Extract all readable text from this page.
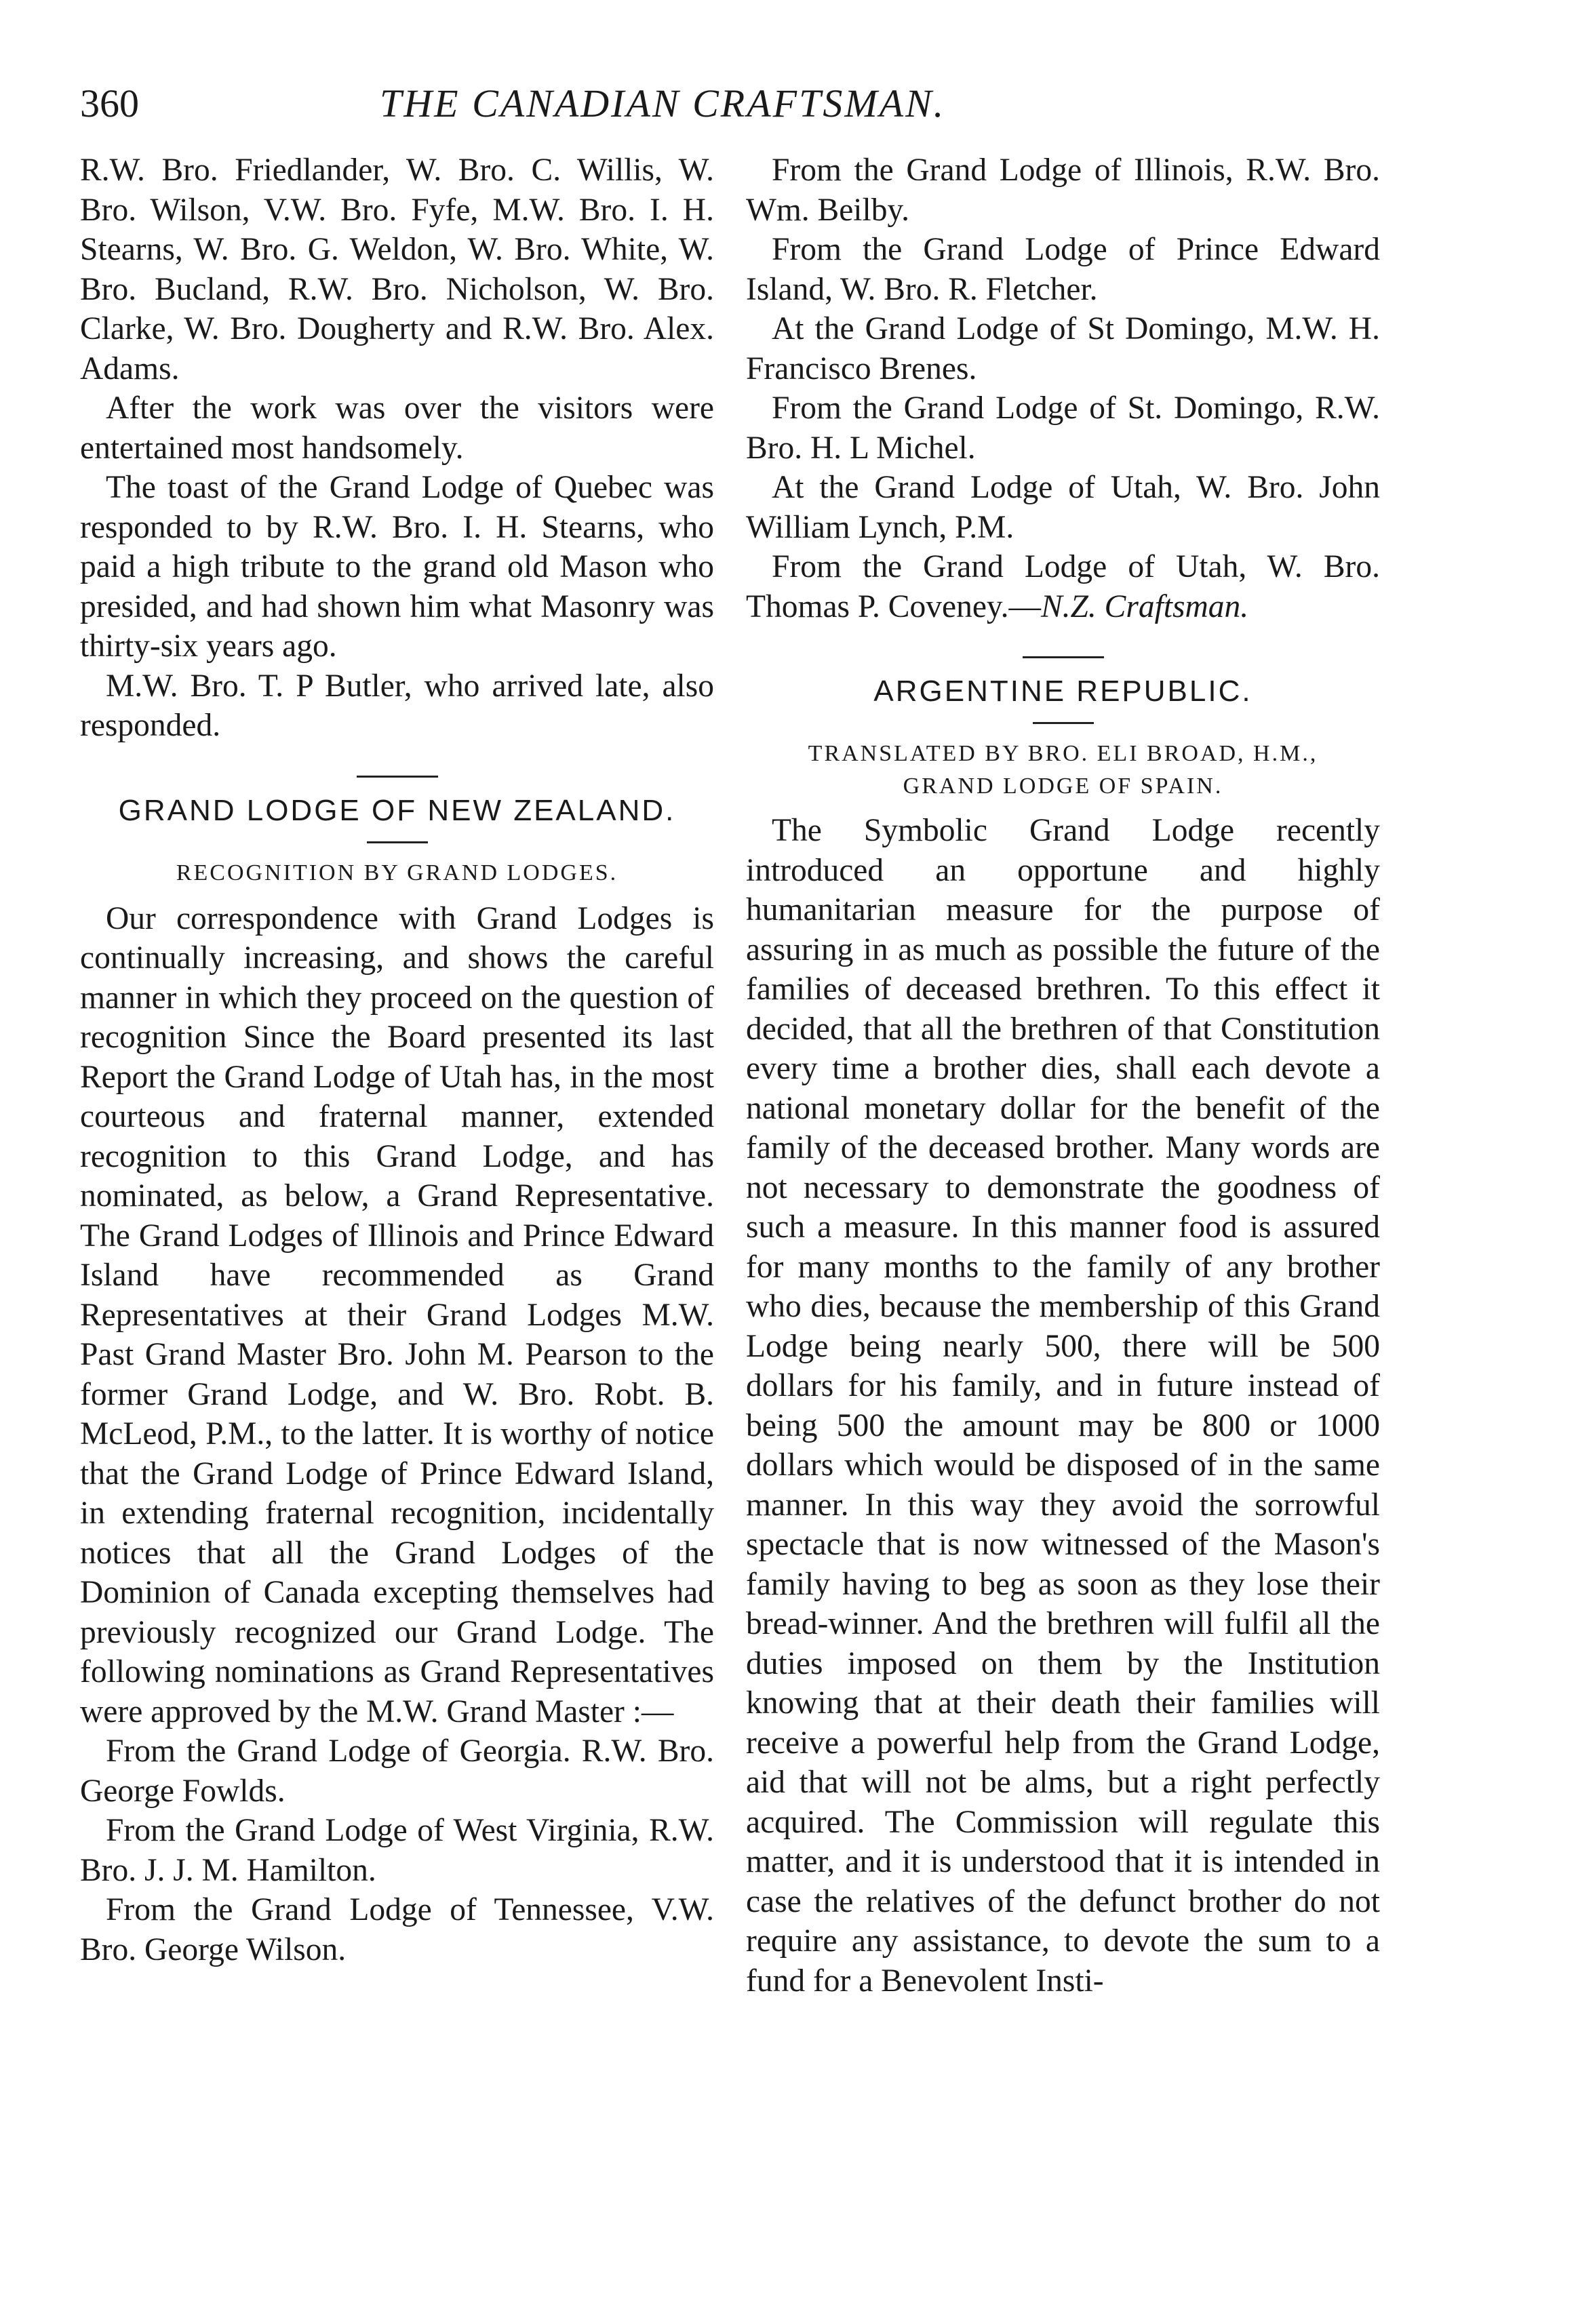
360	THE CANADIAN CRAFTSMAN.

R.W. Bro. Friedlander, W. Bro. C. Willis, W. Bro. Wilson, V.W. Bro. Fyfe, M.W. Bro. I. H. Stearns, W. Bro. G. Weldon, W. Bro. White, W. Bro. Bucland, R.W. Bro. Nicholson, W. Bro. Clarke, W. Bro. Dougherty and R.W. Bro. Alex. Adams.

After the work was over the visitors were entertained most handsomely.

The toast of the Grand Lodge of Quebec was responded to by R.W. Bro. I. H. Stearns, who paid a high tribute to the grand old Mason who presided, and had shown him what Masonry was thirty-six years ago.

M.W. Bro. T. P Butler, who arrived late, also responded.

GRAND LODGE OF NEW ZEALAND.
RECOGNITION BY GRAND LODGES.

Our correspondence with Grand Lodges is continually increasing, and shows the careful manner in which they proceed on the question of recognition Since the Board presented its last Report the Grand Lodge of Utah has, in the most courteous and fraternal manner, extended recognition to this Grand Lodge, and has nominated, as below, a Grand Representative. The Grand Lodges of Illinois and Prince Edward Island have recommended as Grand Representatives at their Grand Lodges M.W. Past Grand Master Bro. John M. Pearson to the former Grand Lodge, and W. Bro. Robt. B. McLeod, P.M., to the latter. It is worthy of notice that the Grand Lodge of Prince Edward Island, in extending fraternal recognition, incidentally notices that all the Grand Lodges of the Dominion of Canada excepting themselves had previously recognized our Grand Lodge. The following nominations as Grand Representatives were approved by the M.W. Grand Master :—

From the Grand Lodge of Georgia. R.W. Bro. George Fowlds.

From the Grand Lodge of West Virginia, R.W. Bro. J. J. M. Hamilton.

From the Grand Lodge of Tennessee, V.W. Bro. George Wilson.

From the Grand Lodge of Illinois, R.W. Bro. Wm. Beilby.

From the Grand Lodge of Prince Edward Island, W. Bro. R. Fletcher.

At the Grand Lodge of St Domingo, M.W. H. Francisco Brenes.

From the Grand Lodge of St. Domingo, R.W. Bro. H. L Michel.

At the Grand Lodge of Utah, W. Bro. John William Lynch, P.M.

From the Grand Lodge of Utah, W. Bro. Thomas P. Coveney.—N.Z. Craftsman.

ARGENTINE REPUBLIC.
TRANSLATED BY BRO. ELI BROAD, H.M.,
GRAND LODGE OF SPAIN.

The Symbolic Grand Lodge recently introduced an opportune and highly humanitarian measure for the purpose of assuring in as much as possible the future of the families of deceased brethren. To this effect it decided, that all the brethren of that Constitution every time a brother dies, shall each devote a national monetary dollar for the benefit of the family of the deceased brother. Many words are not necessary to demonstrate the goodness of such a measure. In this manner food is assured for many months to the family of any brother who dies, because the membership of this Grand Lodge being nearly 500, there will be 500 dollars for his family, and in future instead of being 500 the amount may be 800 or 1000 dollars which would be disposed of in the same manner. In this way they avoid the sorrowful spectacle that is now witnessed of the Mason's family having to beg as soon as they lose their bread-winner. And the brethren will fulfil all the duties imposed on them by the Institution knowing that at their death their families will receive a powerful help from the Grand Lodge, aid that will not be alms, but a right perfectly acquired. The Commission will regulate this matter, and it is understood that it is intended in case the relatives of the defunct brother do not require any assistance, to devote the sum to a fund for a Benevolent Insti-
